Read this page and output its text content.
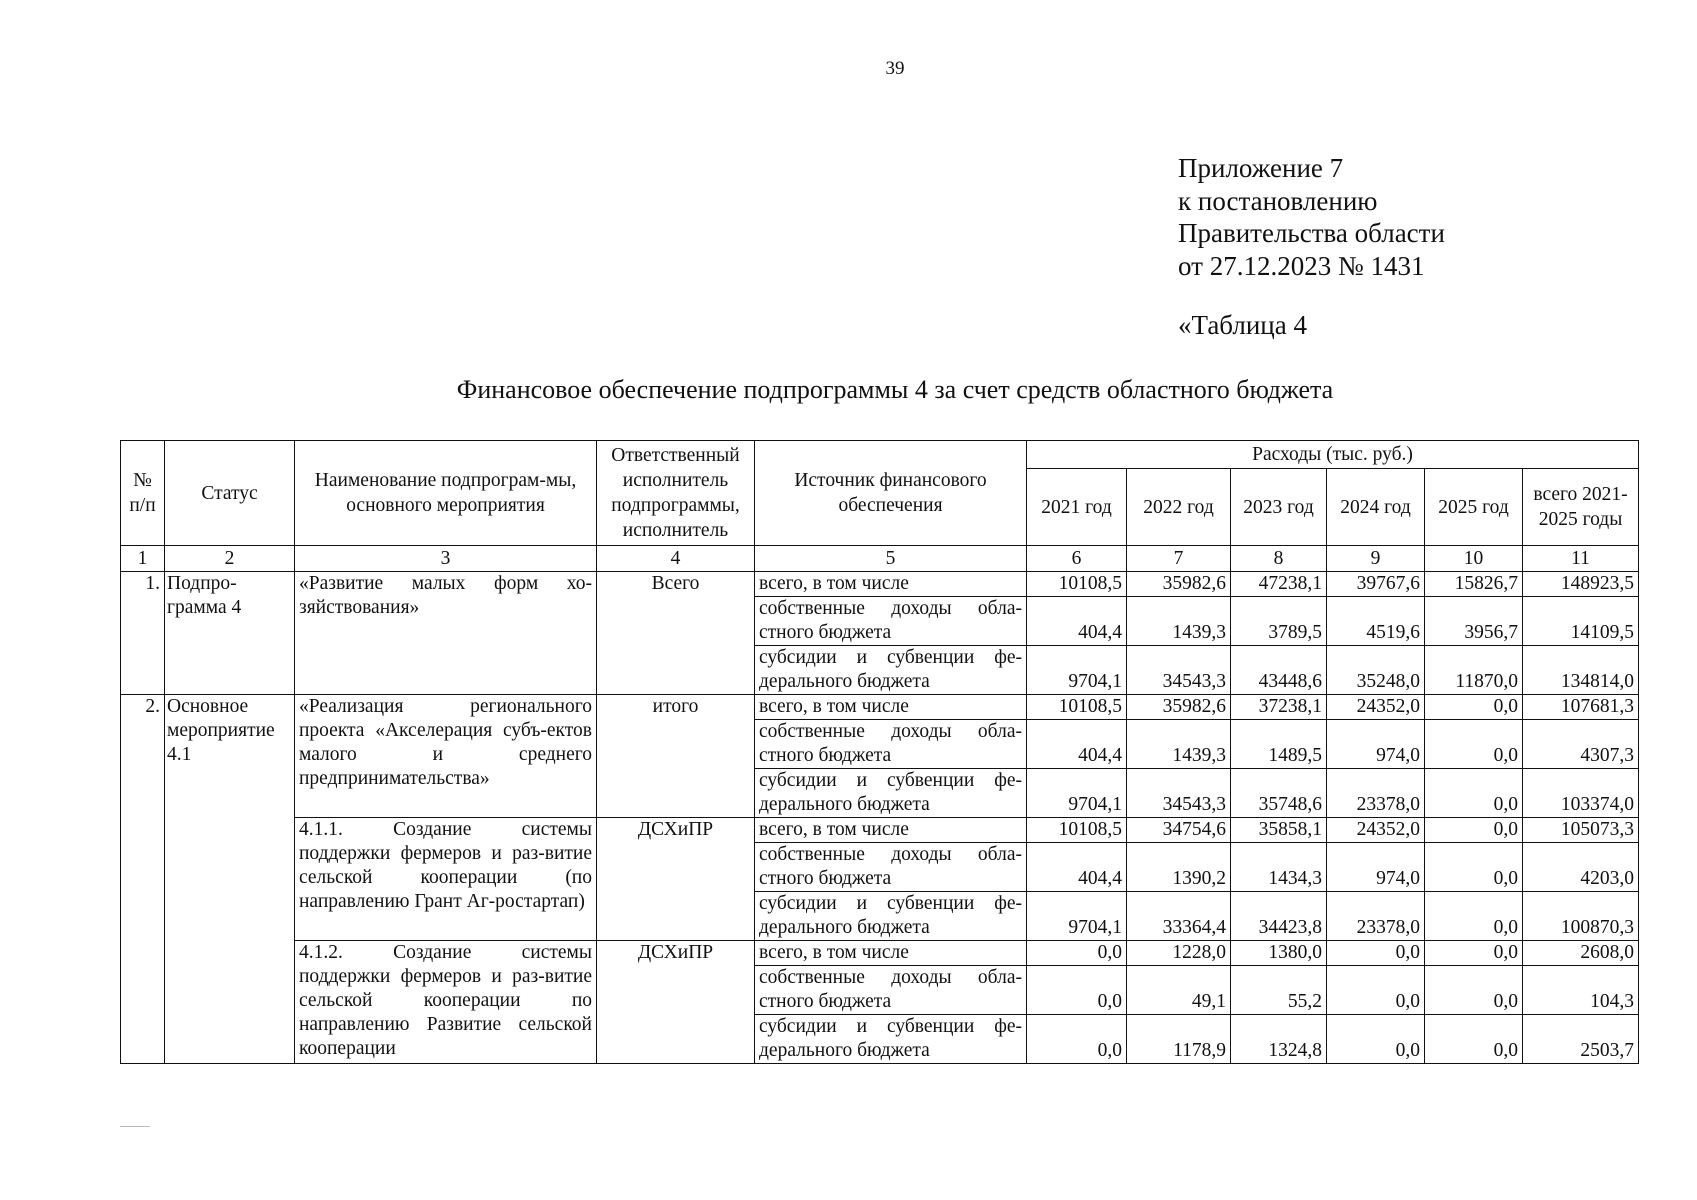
39
Приложение 7
к постановлению
Правительства области
от 27.12.2023 № 1431
«Таблица 4
Финансовое обеспечение подпрограммы 4 за счет средств областного бюджета
№ п/п	Статус	Наименование подпрограм-мы, основного мероприятия	Ответственный исполнитель подпрограммы, исполнитель	Источник финансового обеспечения	Расходы (тыс. руб.)					
					2021 год	2022 год	2023 год	2024 год	2025 год	всего 2021-2025 годы
1	2	3	4	5	6	7	8	9	10	11
1.	Подпро-грамма 4	«Развитие малых форм хо-зяйствования»	Всего	всего, в том числе	10108,5	35982,6	47238,1	39767,6	15826,7	148923,5
				собственные доходы обла-стного бюджета	404,4	1439,3	3789,5	4519,6	3956,7	14109,5
				субсидии и субвенции фе-дерального бюджета	9704,1	34543,3	43448,6	35248,0	11870,0	134814,0
2.	Основное мероприятие 4.1	«Реализация регионального проекта «Акселерация субъ-ектов малого и среднего предпринимательства»	итого	всего, в том числе	10108,5	35982,6	37238,1	24352,0	0,0	107681,3
				собственные доходы обла-стного бюджета	404,4	1439,3	1489,5	974,0	0,0	4307,3
				субсидии и субвенции фе-дерального бюджета	9704,1	34543,3	35748,6	23378,0	0,0	103374,0
		4.1.1. Создание системы поддержки фермеров и раз-витие сельской кооперации (по направлению Грант Аг-ростартап)	ДСХиПР	всего, в том числе	10108,5	34754,6	35858,1	24352,0	0,0	105073,3
				собственные доходы обла-стного бюджета	404,4	1390,2	1434,3	974,0	0,0	4203,0
				субсидии и субвенции фе-дерального бюджета	9704,1	33364,4	34423,8	23378,0	0,0	100870,3
		4.1.2. Создание системы поддержки фермеров и раз-витие сельской кооперации по направлению Развитие сельской кооперации	ДСХиПР	всего, в том числе	0,0	1228,0	1380,0	0,0	0,0	2608,0
				собственные доходы обла-стного бюджета	0,0	49,1	55,2	0,0	0,0	104,3
				субсидии и субвенции фе-дерального бюджета	0,0	1178,9	1324,8	0,0	0,0	2503,7
